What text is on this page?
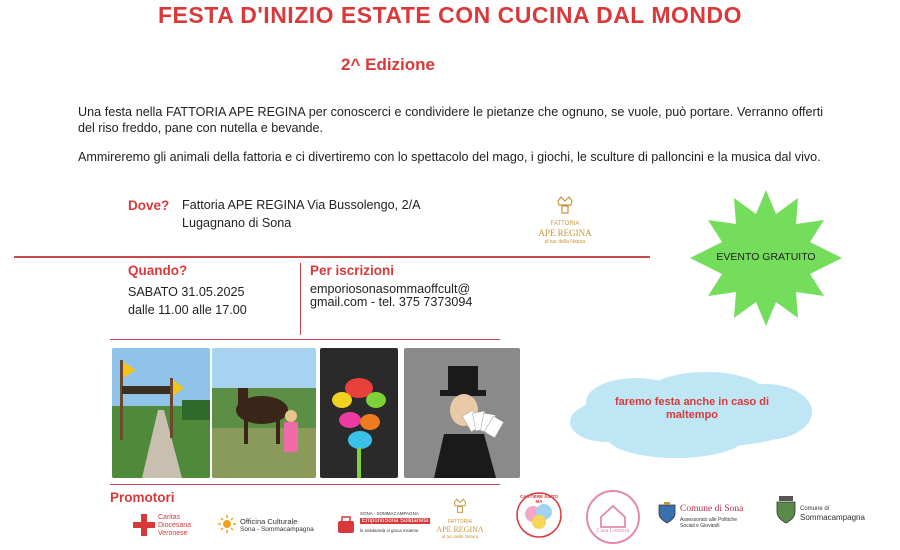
FESTA D'INIZIO ESTATE CON CUCINA DAL MONDO
2^ Edizione
Una festa nella FATTORIA APE REGINA per conoscerci e condividere le pietanze che ognuno, se vuole, può portare. Verranno offerti del riso freddo, pane con nutella e bevande.
Ammireremo gli animali della fattoria e ci divertiremo con lo spettacolo del mago, i giochi, le sculture di palloncini e la musica dal vivo.
Dove? Fattoria APE REGINA Via Bussolengo, 2/A
Lugagnano di Sona	FATTORIA
APE REGINA
al tuo della Natura
EVENTO GRATUITO
Quando?
SABATO 31.05.2025
dalle 11.00 alle 17.00
Per iscrizioni
emporiosonasommaoffcult@
gmail.com - tel. 375 7373094
faremo festa anche in caso di maltempo
Promotori
Caritas
Diocesana
Veronese
Officina Culturale
Sona - Sommacampagna
SONA - SOMMACAMPAGNA
EmporioSona Solidarietà
le solidarietà si gioca insieme
FATTORIA
APE REGINA
al tuo della Natura
CANTIERE AIUTO MA
Casa Lorenza
Comune di Sona
Assessorato alle Politiche
Sociali e Giovanili
Comune di
Sommacampagna
